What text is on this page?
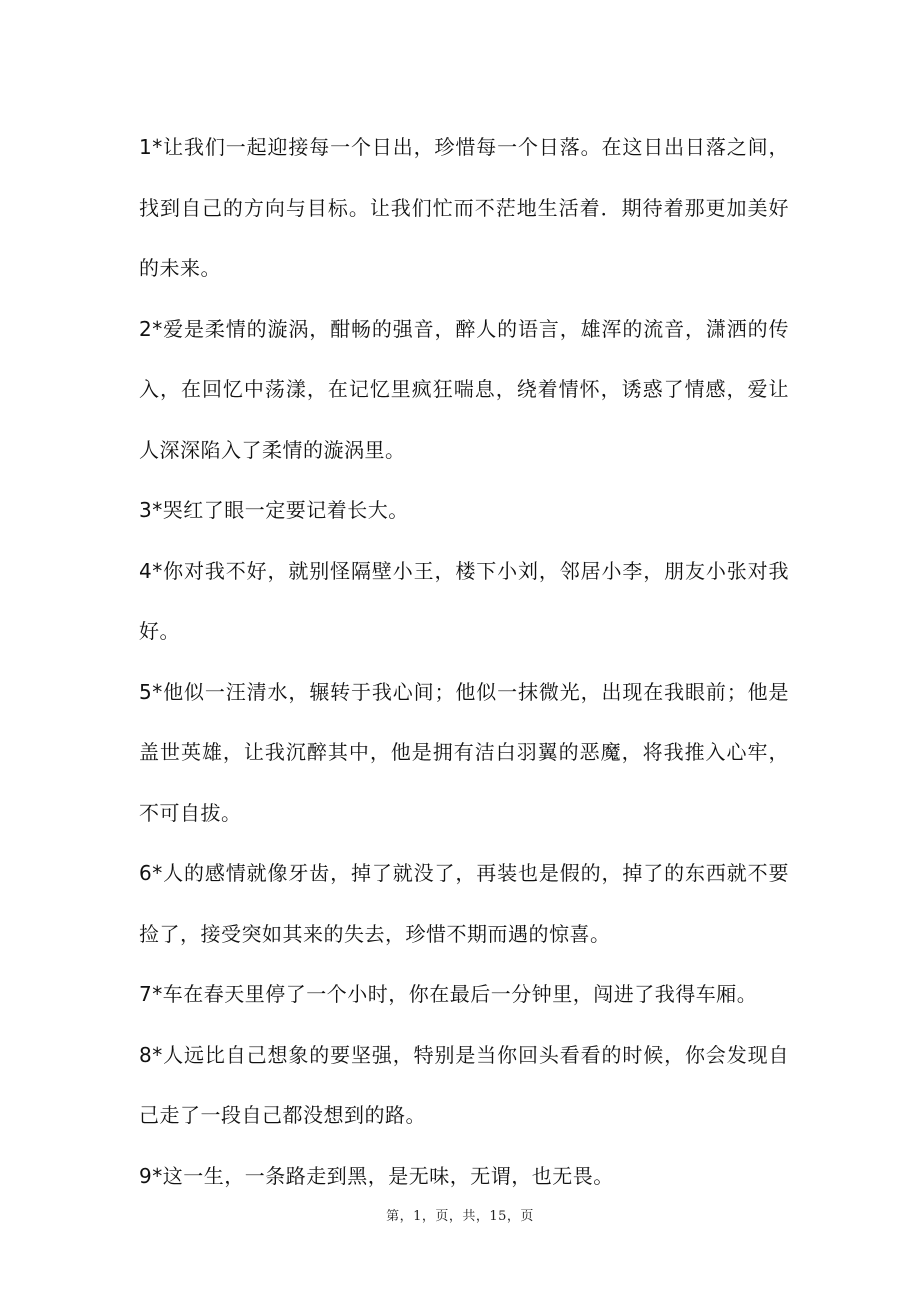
1*让我们一起迎接每一个日出，珍惜每一个日落。在这日出日落之间，找到自己的方向与目标。让我们忙而不茫地生活着．期待着那更加美好的未来。

2*爱是柔情的漩涡，酣畅的强音，醉人的语言，雄浑的流音，潇洒的传入，在回忆中荡漾，在记忆里疯狂喘息，绕着情怀，诱惑了情感，爱让人深深陷入了柔情的漩涡里。

3*哭红了眼一定要记着长大。

4*你对我不好，就别怪隔壁小王，楼下小刘，邻居小李，朋友小张对我好。

5*他似一汪清水，辗转于我心间；他似一抹微光，出现在我眼前；他是盖世英雄，让我沉醉其中，他是拥有洁白羽翼的恶魔，将我推入心牢，不可自拔。

6*人的感情就像牙齿，掉了就没了，再装也是假的，掉了的东西就不要捡了，接受突如其来的失去，珍惜不期而遇的惊喜。

7*车在春天里停了一个小时，你在最后一分钟里，闯进了我得车厢。

8*人远比自己想象的要坚强，特别是当你回头看看的时候，你会发现自己走了一段自己都没想到的路。

9*这一生，一条路走到黑，是无味，无谓，也无畏。

第，1，页，共，15，页
